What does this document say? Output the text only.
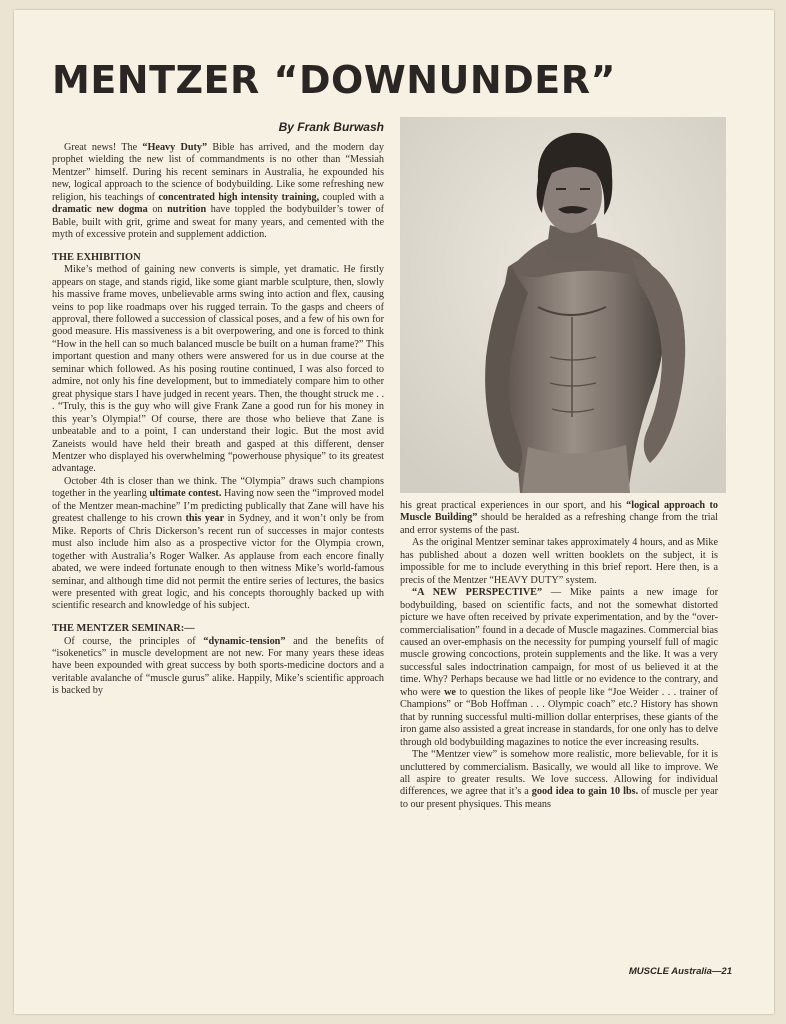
MENTZER “DOWNUNDER”
By Frank Burwash

Great news! The “Heavy Duty” Bible has arrived, and the modern day prophet wielding the new list of commandments is no other than “Messiah Mentzer” himself. During his recent seminars in Australia, he expounded his new, logical approach to the science of bodybuilding. Like some refreshing new religion, his teachings of concentrated high intensity training, coupled with a dramatic new dogma on nutrition have toppled the bodybuilder’s tower of Bable, built with grit, grime and sweat for many years, and cemented with the myth of excessive protein and supplement addiction.

THE EXHIBITION

Mike’s method of gaining new converts is simple, yet dramatic. He firstly appears on stage, and stands rigid, like some giant marble sculpture, then, slowly his massive frame moves, unbelievable arms swing into action and flex, causing veins to pop like roadmaps over his rugged terrain. To the gasps and cheers of approval, there followed a succession of classical poses, and a few of his own for good measure. His massiveness is a bit overpowering, and one is forced to think “How in the hell can so much balanced muscle be built on a human frame?” This important question and many others were answered for us in due course at the seminar which followed. As his posing routine continued, I was also forced to admire, not only his fine development, but to immediately compare him to other great physique stars I have judged in recent years. Then, the thought struck me . . . “Truly, this is the guy who will give Frank Zane a good run for his money in this year’s Olympia!” Of course, there are those who believe that Zane is unbeatable and to a point, I can understand their logic. But the most avid Zaneists would have held their breath and gasped at this different, denser Mentzer who displayed his overwhelming “powerhouse physique” to its greatest advantage.

October 4th is closer than we think. The “Olympia” draws such champions together in the yearling ultimate contest. Having now seen the “improved model of the Mentzer mean-machine” I’m predicting publically that Zane will have his greatest challenge to his crown this year in Sydney, and it won’t only be from Mike. Reports of Chris Dickerson’s recent run of successes in major contests must also include him also as a prospective victor for the Olympia crown, together with Australia’s Roger Walker. As applause from each encore finally abated, we were indeed fortunate enough to then witness Mike’s world-famous seminar, and although time did not permit the entire series of lectures, the basics were presented with great logic, and his concepts thoroughly backed up with scientific research and knowledge of his subject.

THE MENTZER SEMINAR:—

Of course, the principles of “dynamic-tension” and the benefits of “isokenetics” in muscle development are not new. For many years these ideas have been expounded with great success by both sports-medicine doctors and a veritable avalanche of “muscle gurus” alike. Happily, Mike’s scientific approach is backed by

his great practical experiences in our sport, and his “logical approach to Muscle Building” should be heralded as a refreshing change from the trial and error systems of the past.

As the original Mentzer seminar takes approximately 4 hours, and as Mike has published about a dozen well written booklets on the subject, it is impossible for me to include everything in this brief report. Here then, is a precis of the Mentzer “HEAVY DUTY” system.

“A NEW PERSPECTIVE” — Mike paints a new image for bodybuilding, based on scientific facts, and not the somewhat distorted picture we have often received by private experimentation, and by the “over-commercialisation” found in a decade of Muscle magazines. Commercial bias caused an over-emphasis on the necessity for pumping yourself full of magic muscle growing concoctions, protein supplements and the like. It was a very successful sales indoctrination campaign, for most of us believed it at the time. Why? Perhaps because we had little or no evidence to the contrary, and who were we to question the likes of people like “Joe Weider . . . trainer of Champions” or “Bob Hoffman . . . Olympic coach” etc.? History has shown that by running successful multi-million dollar enterprises, these giants of the iron game also assisted a great increase in standards, for one only has to delve through old bodybuilding magazines to notice the ever increasing results.

The “Mentzer view” is somehow more realistic, more believable, for it is uncluttered by commercialism. Basically, we would all like to improve. We all aspire to greater results. We love success. Allowing for individual differences, we agree that it’s a good idea to gain 10 lbs. of muscle per year to our present physiques. This means

MUSCLE Australia—21
